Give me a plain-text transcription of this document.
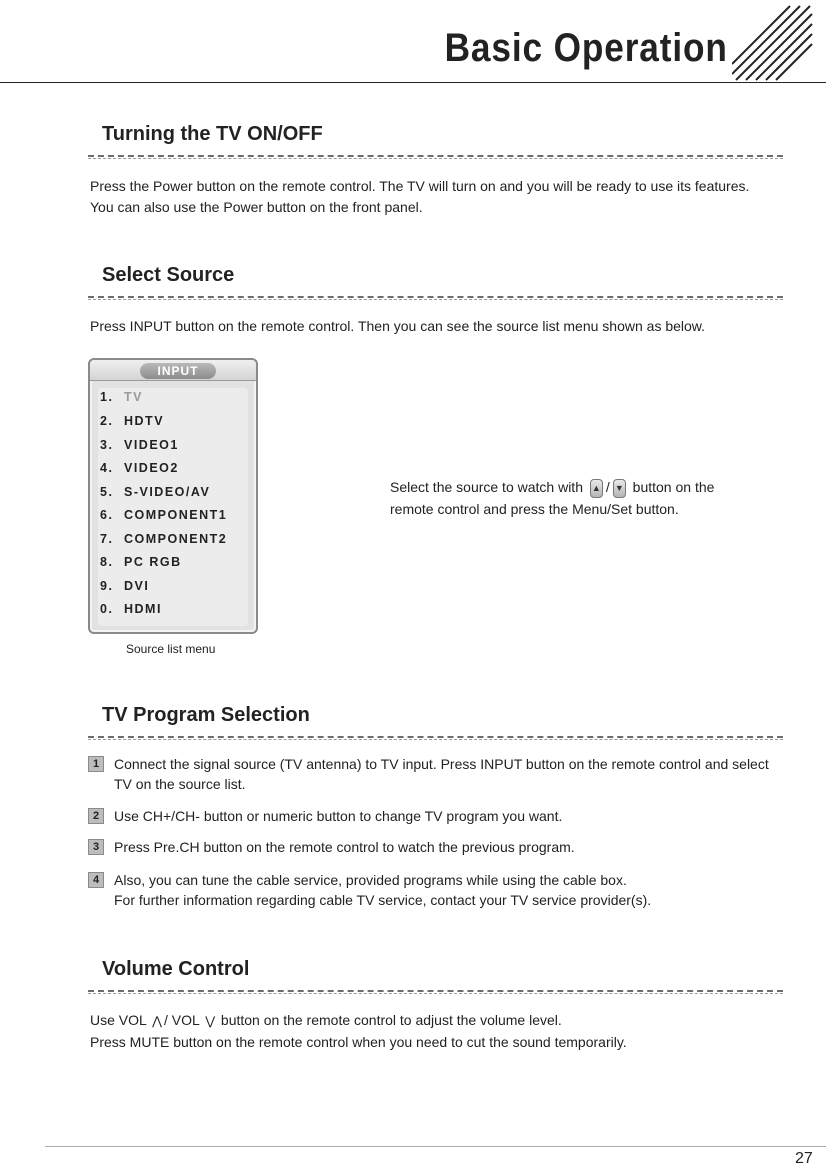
Basic Operation
Turning the TV ON/OFF
Press the Power button on the remote control. The TV will turn on and you will be ready to use its features.
You can also use the Power button on the front panel.
Select Source
Press INPUT button on the remote control. Then you can see the source list menu shown as below.
INPUT
1. TV
2. HDTV
3. VIDEO1
4. VIDEO2
5. S-VIDEO/AV
6. COMPONENT1
7. COMPONENT2
8. PC RGB
9. DVI
0. HDMI
Source list menu
Select the source to watch with ▲ / ▼ button on the
remote control and press the Menu/Set button.
TV Program Selection
1	Connect the signal source (TV antenna) to TV input. Press INPUT button on the remote control and select
TV on the source list.
2	Use CH+/CH- button or numeric button to change TV program you want.
3	Press Pre.CH button on the remote control to watch the previous program.
4	Also, you can tune the cable service, provided programs while using the cable box.
For further information regarding cable TV service, contact your TV service provider(s).
Volume Control
Use VOL ⋀ / VOL ⋁ button on the remote control to adjust the volume level.
Press MUTE button on the remote control when you need to cut the sound temporarily.
27
